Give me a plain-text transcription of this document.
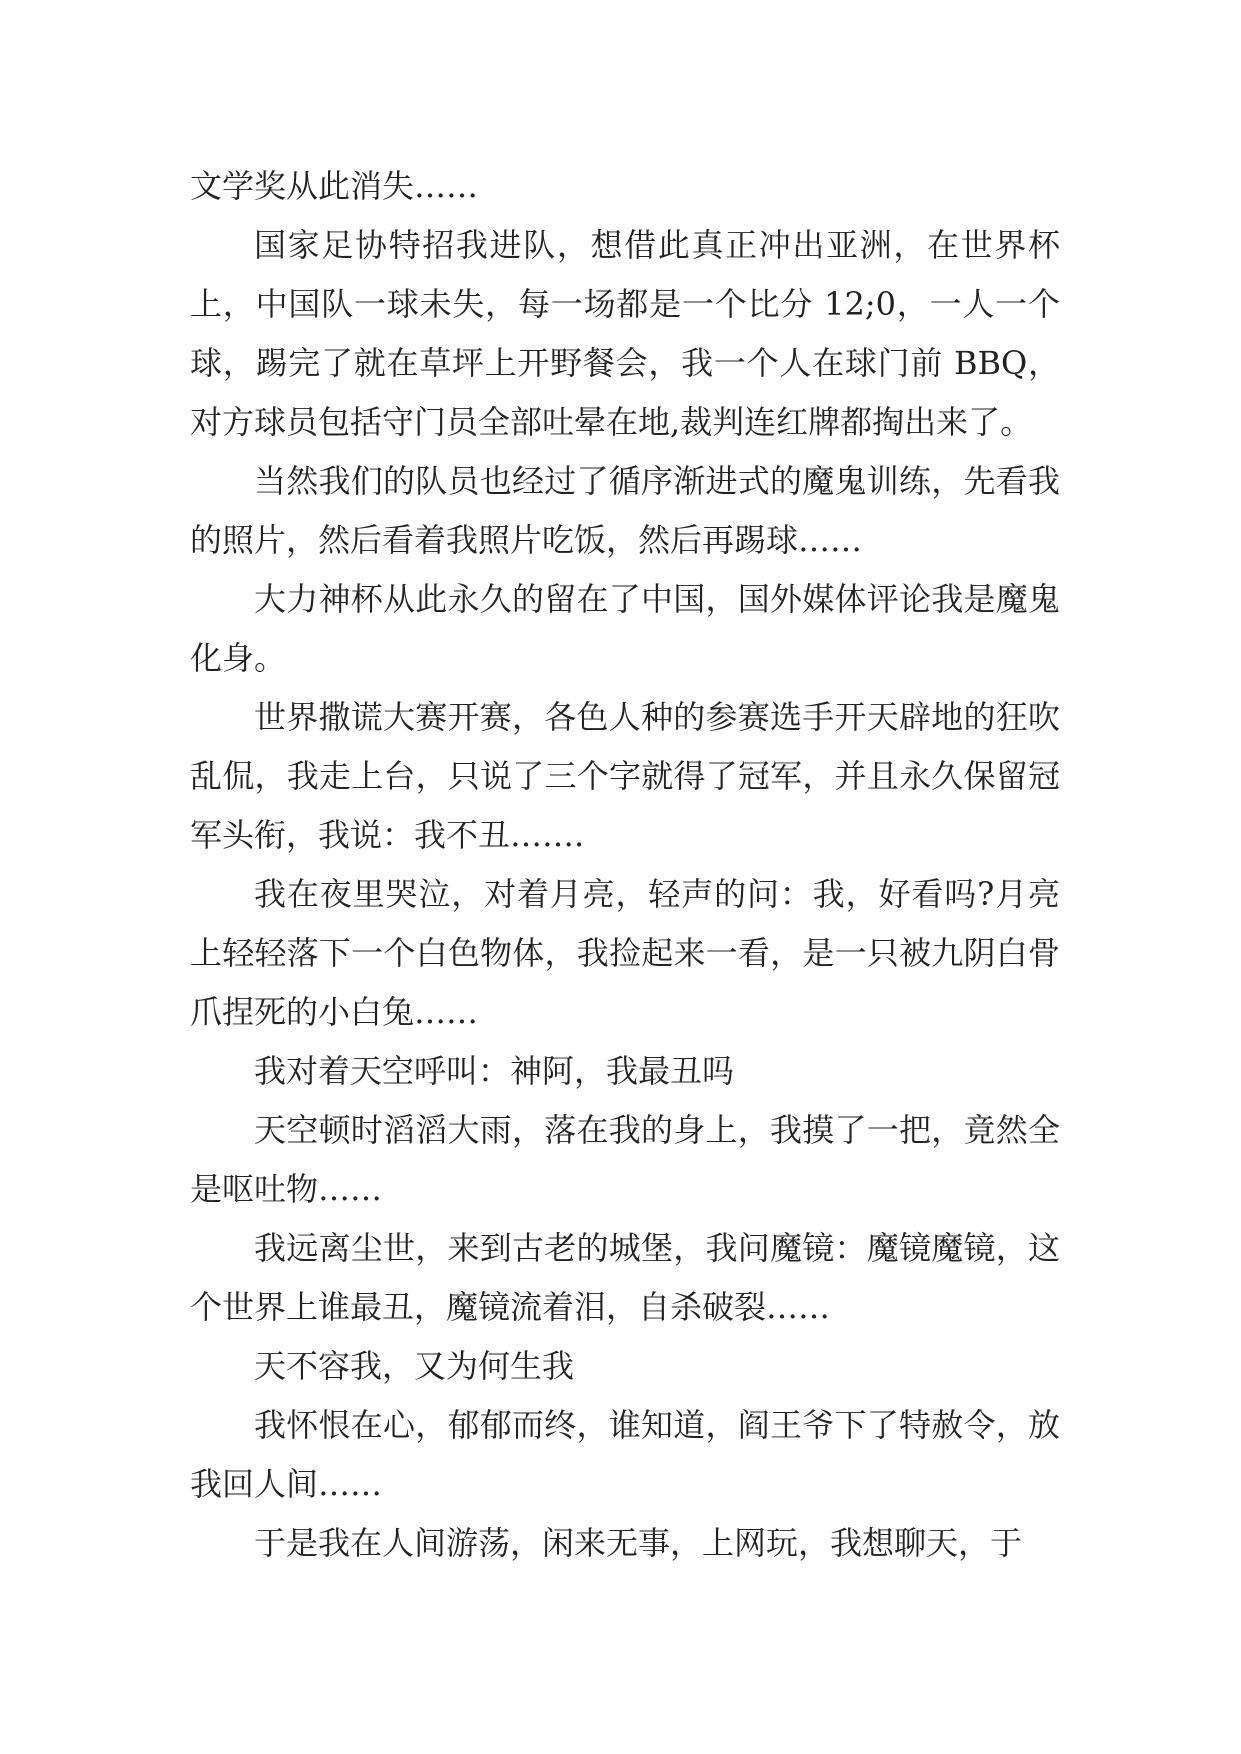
文学奖从此消失……

国家足协特招我进队，想借此真正冲出亚洲，在世界杯上，中国队一球未失，每一场都是一个比分 12;0，一人一个球，踢完了就在草坪上开野餐会，我一个人在球门前 BBQ，对方球员包括守门员全部吐晕在地,裁判连红牌都掏出来了。

当然我们的队员也经过了循序渐进式的魔鬼训练，先看我的照片，然后看着我照片吃饭，然后再踢球……

大力神杯从此永久的留在了中国，国外媒体评论我是魔鬼化身。

世界撒谎大赛开赛，各色人种的参赛选手开天辟地的狂吹乱侃，我走上台，只说了三个字就得了冠军，并且永久保留冠军头衔，我说：我不丑…….

我在夜里哭泣，对着月亮，轻声的问：我，好看吗?月亮上轻轻落下一个白色物体，我捡起来一看，是一只被九阴白骨爪捏死的小白兔……

我对着天空呼叫：神阿，我最丑吗

天空顿时滔滔大雨，落在我的身上，我摸了一把，竟然全是呕吐物……

我远离尘世，来到古老的城堡，我问魔镜：魔镜魔镜，这个世界上谁最丑，魔镜流着泪，自杀破裂……

天不容我，又为何生我

我怀恨在心，郁郁而终，谁知道，阎王爷下了特赦令，放我回人间……

于是我在人间游荡，闲来无事，上网玩，我想聊天，于
